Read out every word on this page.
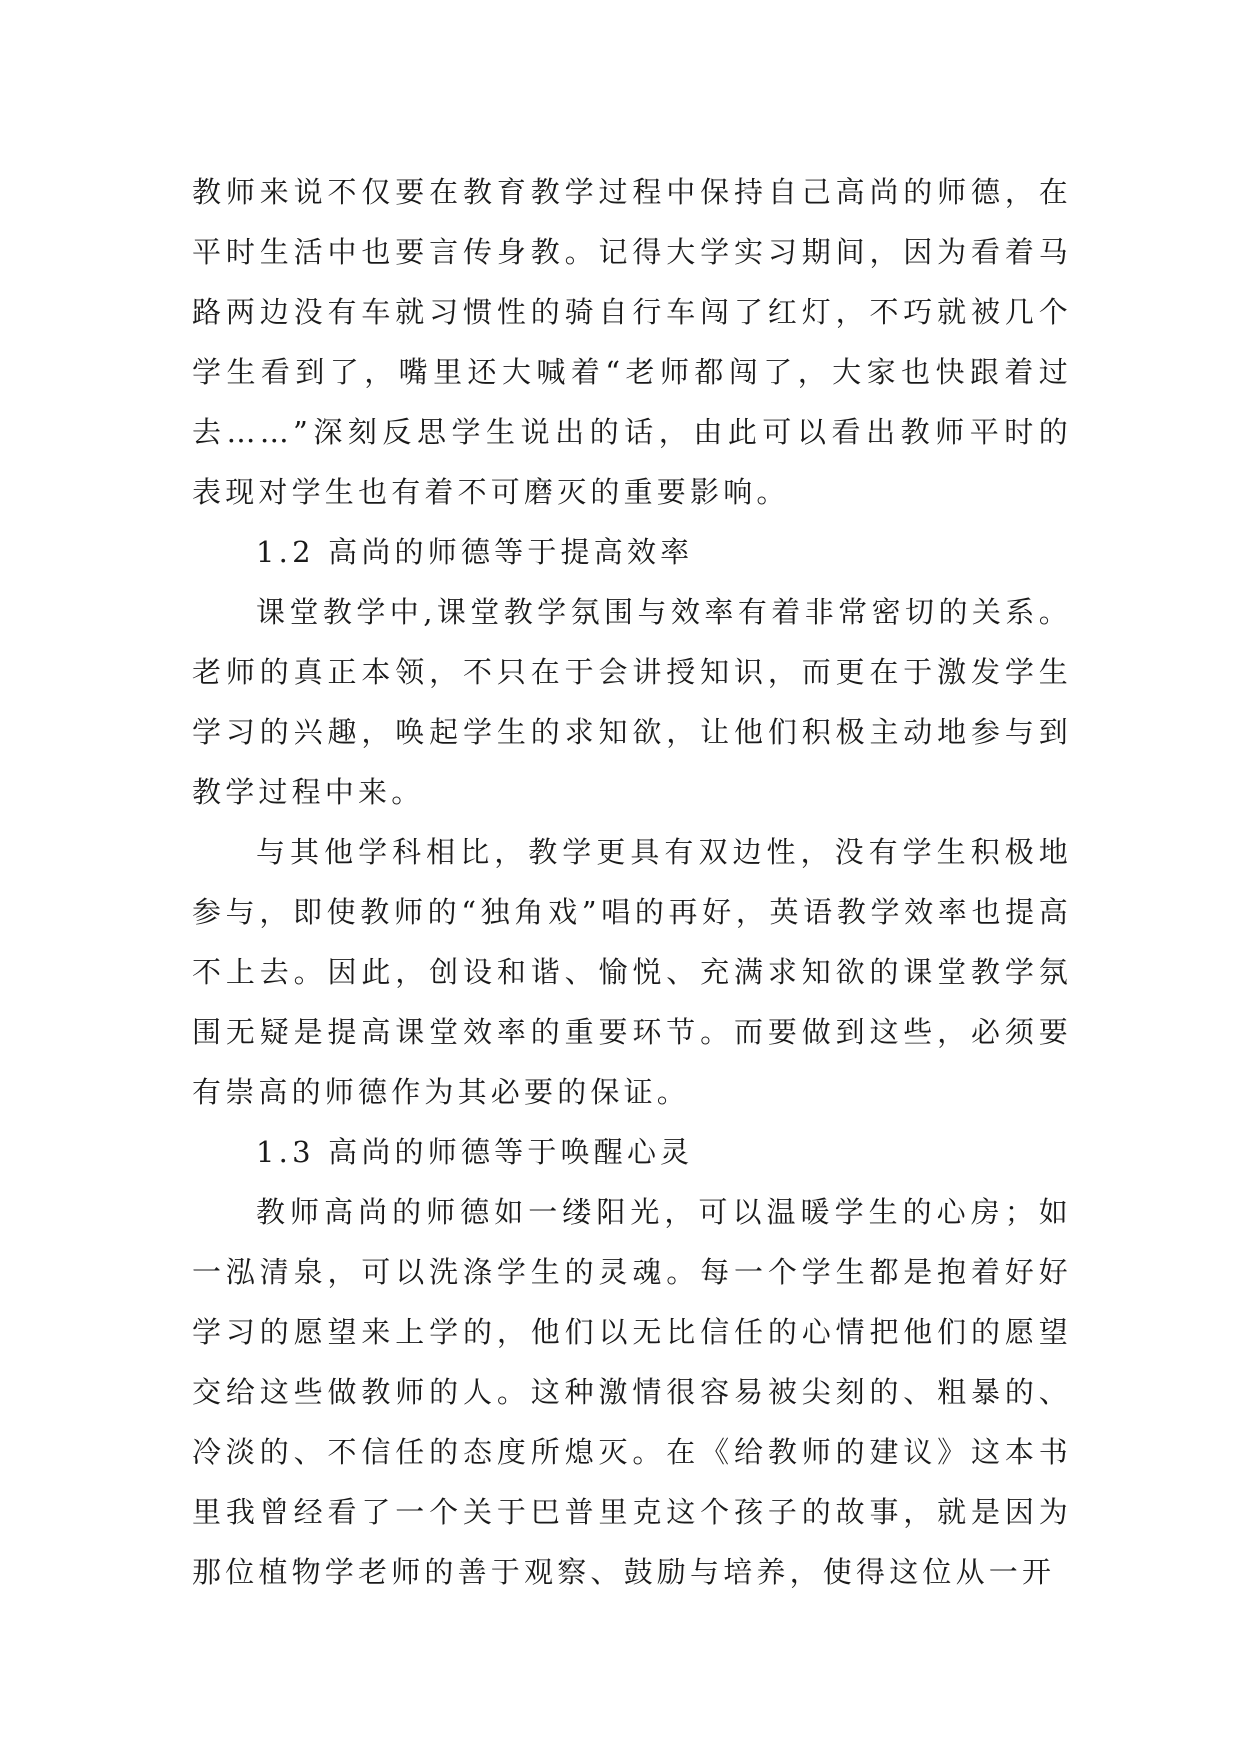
教师来说不仅要在教育教学过程中保持自己高尚的师德，在平时生活中也要言传身教。记得大学实习期间，因为看着马路两边没有车就习惯性的骑自行车闯了红灯，不巧就被几个学生看到了，嘴里还大喊着“老师都闯了，大家也快跟着过去……”深刻反思学生说出的话，由此可以看出教师平时的表现对学生也有着不可磨灭的重要影响。

1.2 高尚的师德等于提高效率

课堂教学中,课堂教学氛围与效率有着非常密切的关系。老师的真正本领，不只在于会讲授知识，而更在于激发学生学习的兴趣，唤起学生的求知欲，让他们积极主动地参与到教学过程中来。

与其他学科相比，教学更具有双边性，没有学生积极地参与，即使教师的“独角戏”唱的再好，英语教学效率也提高不上去。因此，创设和谐、愉悦、充满求知欲的课堂教学氛围无疑是提高课堂效率的重要环节。而要做到这些，必须要有崇高的师德作为其必要的保证。

1.3 高尚的师德等于唤醒心灵

教师高尚的师德如一缕阳光，可以温暖学生的心房；如一泓清泉，可以洗涤学生的灵魂。每一个学生都是抱着好好学习的愿望来上学的，他们以无比信任的心情把他们的愿望交给这些做教师的人。这种激情很容易被尖刻的、粗暴的、冷淡的、不信任的态度所熄灭。在《给教师的建议》这本书里我曾经看了一个关于巴普里克这个孩子的故事，就是因为那位植物学老师的善于观察、鼓励与培养，使得这位从一开
